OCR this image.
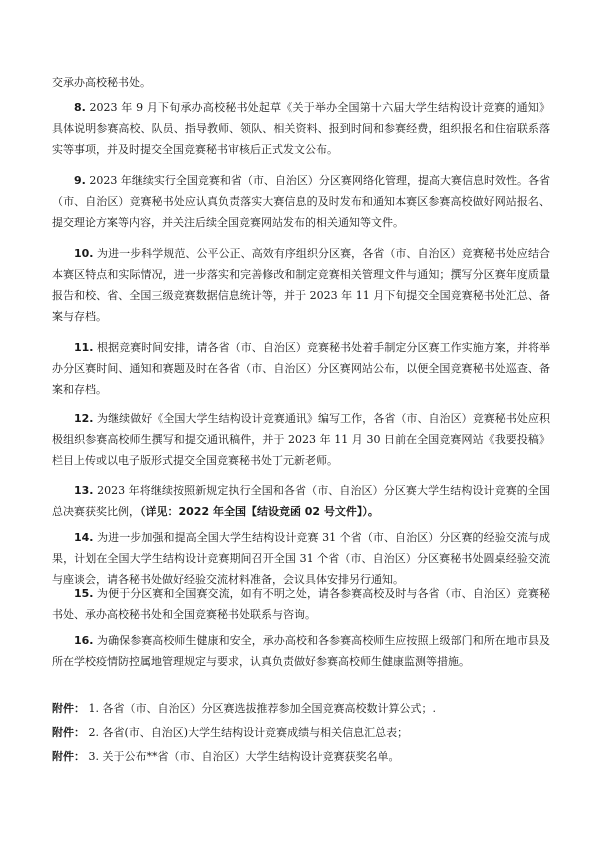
交承办高校秘书处。

8. 2023 年 9 月下旬承办高校秘书处起草《关于举办全国第十六届大学生结构设计竞赛的通知》具体说明参赛高校、队员、指导教师、领队、相关资料、报到时间和参赛经费，组织报名和住宿联系落实等事项，并及时提交全国竞赛秘书审核后正式发文公布。

9. 2023 年继续实行全国竞赛和省（市、自治区）分区赛网络化管理，提高大赛信息时效性。各省（市、自治区）竞赛秘书处应认真负责落实大赛信息的及时发布和通知本赛区参赛高校做好网站报名、提交理论方案等内容，并关注后续全国竞赛网站发布的相关通知等文件。

10. 为进一步科学规范、公平公正、高效有序组织分区赛，各省（市、自治区）竞赛秘书处应结合本赛区特点和实际情况，进一步落实和完善修改和制定竞赛相关管理文件与通知；撰写分区赛年度质量报告和校、省、全国三级竞赛数据信息统计等，并于 2023 年 11 月下旬提交全国竞赛秘书处汇总、备案与存档。

11. 根据竞赛时间安排，请各省（市、自治区）竞赛秘书处着手制定分区赛工作实施方案，并将举办分区赛时间、通知和赛题及时在各省（市、自治区）分区赛网站公布，以便全国竞赛秘书处巡查、备案和存档。

12. 为继续做好《全国大学生结构设计竞赛通讯》编写工作，各省（市、自治区）竞赛秘书处应积极组织参赛高校师生撰写和提交通讯稿件，并于 2023 年 11 月 30 日前在全国竞赛网站《我要投稿》栏目上传或以电子版形式提交全国竞赛秘书处丁元新老师。

13. 2023 年将继续按照新规定执行全国和各省（市、自治区）分区赛大学生结构设计竞赛的全国总决赛获奖比例，（详见：2022 年全国【结设竞函 02 号文件】）。

14. 为进一步加强和提高全国大学生结构设计竞赛 31 个省（市、自治区）分区赛的经验交流与成果，计划在全国大学生结构设计竞赛期间召开全国 31 个省（市、自治区）分区赛秘书处圆桌经验交流与座谈会，请各秘书处做好经验交流材料准备，会议具体安排另行通知。

15. 为便于分区赛和全国赛交流，如有不明之处，请各参赛高校及时与各省（市、自治区）竞赛秘书处、承办高校秘书处和全国竞赛秘书处联系与咨询。

16. 为确保参赛高校师生健康和安全，承办高校和各参赛高校师生应按照上级部门和所在地市县及所在学校疫情防控属地管理规定与要求，认真负责做好参赛高校师生健康监测等措施。

附件： 1. 各省（市、自治区）分区赛选拔推荐参加全国竞赛高校数计算公式；.

附件： 2. 各省(市、自治区)大学生结构设计竞赛成绩与相关信息汇总表；

附件： 3. 关于公布**省（市、自治区）大学生结构设计竞赛获奖名单。
